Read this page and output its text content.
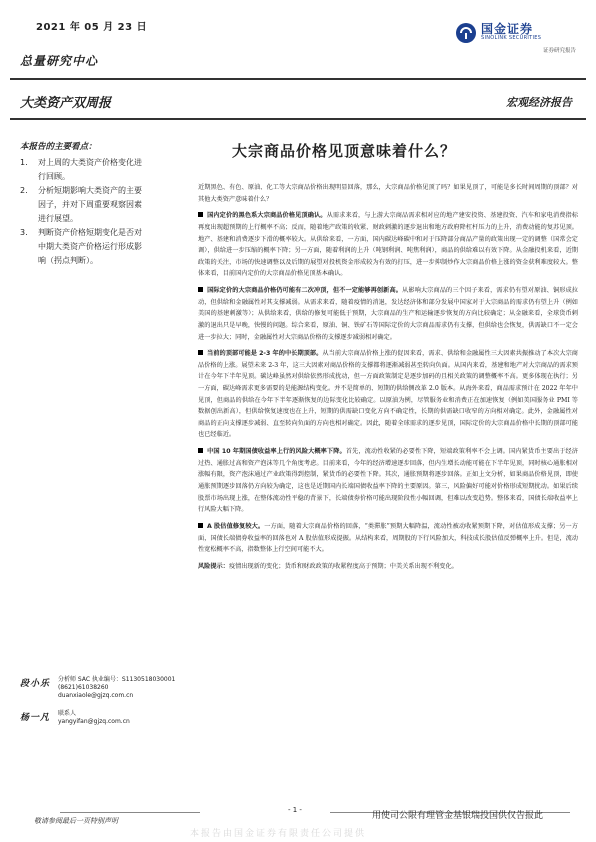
2021 年 05 月 23 日	国金证券
SINOLINK SECURITIES
证券研究报告
总量研究中心
大类资产双周报	宏观经济报告
本报告的主要看点：
1. 对上周的大类资产价格变化进行回顾。
2. 分析短期影响大类资产的主要因子，并对下周重要观察因素进行展望。
3. 判断资产价格短期变化是否对中期大类资产价格运行形成影响（拐点判断）。
段小乐 分析师 SAC 执业编号：S1130518030001
(8621)61038260
duanxiaole@gjzq.com.cn
杨一凡 联系人
yangyifan@gjzq.com.cn
大宗商品价格见顶意味着什么？

近期黑色、有色、原油、化工等大宗商品价格出现明显回落，那么，大宗商品价格见顶了吗？如果见顶了，可能是多长时间周期的顶部？对其他大类资产意味着什么？

国内定价的黑色系大宗商品价格见顶确认。从需求来看，与上游大宗商品需求相对应的地产建安投资、基建投资、汽车和家电消费指标再度出现超预期的上行概率不高；反而，随着地产政策的收紧、财政刺激的逐步退出和地方政府降杠杆压力的上升，消费动能的复苏见顶。地产、基建和消费逐步下滑的概率较大。从供给来看，一方面，国内碳达峰碳中和对于压降部分商品产量的政策出现一定的调整（国常会定调），供给进一步压缩的概率下降；另一方面，随着利润的上升（吨钢利润、吨焦利润），商品的供给难以有效下降。从金融投机来看，近期政策的关注，市场的快速调整以及后期的展望对投机资金形成较为有效的打压，进一步抑制炒作大宗商品价格上涨的资金获利难度较大。整体来看，目前国内定价的大宗商品价格见顶基本确认。

国际定价的大宗商品价格仍可能有二次冲顶，但不一定能够再创新高。从影响大宗商品的三个因子来看，需求仍有望对原油、铜形成拉动，但供给和金融属性对其支撑减弱。从需求来看，随着疫情的消退，发达经济体和部分发展中国家对于大宗商品的需求仍有望上升（例如美国的基建刺激等）；从供给来看，供给的修复可能低于预期，大宗商品的生产和运输逐步恢复的方向比较确定；从金融来看，全球货币刺激的退出只是早晚，快慢的问题。综合来看，原油、铜、铁矿石等国际定价的大宗商品需求仍有支撑，但供给也会恢复，供需缺口不一定会进一步拉大；同时，金融属性对大宗商品价格的支撑逐步减弱相对确定。

当前的顶部可能是 2-3 年的中长期顶部。从当前大宗商品价格上涨的促因来看，需求、供给和金融属性三大因素共振推动了本次大宗商品价格的上涨。展望未来 2-3 年，这三大因素对商品价格的支撑都将逐渐减弱甚至转向负面。从国内来看，基建和地产对大宗商品的需求预计在今年下半年见顶。碳达峰虽然对供给依然形成扰动，但一方面政策制定是逐步加码的且相关政策的调整概率不高。更多体现在执行；另一方面，碳达峰需求更多需要的是能源结构变化。并不是简单的、短期的供给侧改革 2.0 版本。从海外来看，商品需求预计在 2022 年年中见顶，但商品的供给在今年下半年逐渐恢复的边际变化比较确定。以原油为例，尽管服务业和消费正在加速恢复（例如美国服务业 PMI 等数据创出新高），但供给恢复速度也在上升，短期的供需缺口变化方向不确定性，长期的供需缺口收窄的方向相对确定。此外，金融属性对商品的正向支撑逐步减弱、直至转向负面的方向也相对确定。因此，随着全球需求的逐步见顶，国际定价的大宗商品价格中长期的顶部可能也已经临近。

中国 10 年期国债收益率上行的风险大概率下降。首先，流动性收紧的必要性下降，短端政策利率不会上调。国内紧货币主要出于经济过热、通胀过高和资产泡沫等几个角度考虑。目前来看，今年的经济增速逐步回落，但内生增长动能可能在下半年见顶，同时核心通胀相对涨幅有限，资产泡沫通过产业政策得到控制，紧货币的必要性下降。其次，通胀预期将逐步回落。正如上文分析，如果商品价格见顶，即使通胀预期逐步回落仍方向较为确定，这也是近期国内长端国债收益率下降的主要原因。第三，风险偏好可能对价格形成短期扰动。如果后续股票市场出现上涨，在整体流动性平稳的背景下，长端债券价格可能出现阶段性小幅回调，但难以改变趋势。整体来看，国债长端收益率上行风险大幅下降。

A 股估值修复较大。一方面，随着大宗商品价格的回落，“类滞胀”预期大幅降温，流动性被动收紧预期下降，对估值形成支撑；另一方面，国债长端债券收益率的回落也对 A 股估值形成提振。从结构来看，周期股的下行风险加大，科技成长股估值反弹概率上升。但是，流动性宽松概率不高，指数整体上行空间可能不大。

风险提示：疫情出现新的变化；货币和财政政策的收紧程度高于预期；中美关系出现不利变化。

- 1 -
敬请参阅最后一页特别声明	用使司公限有理管金基银瑞投国供仅告报此
本报告由国金证券有限责任公司提供
